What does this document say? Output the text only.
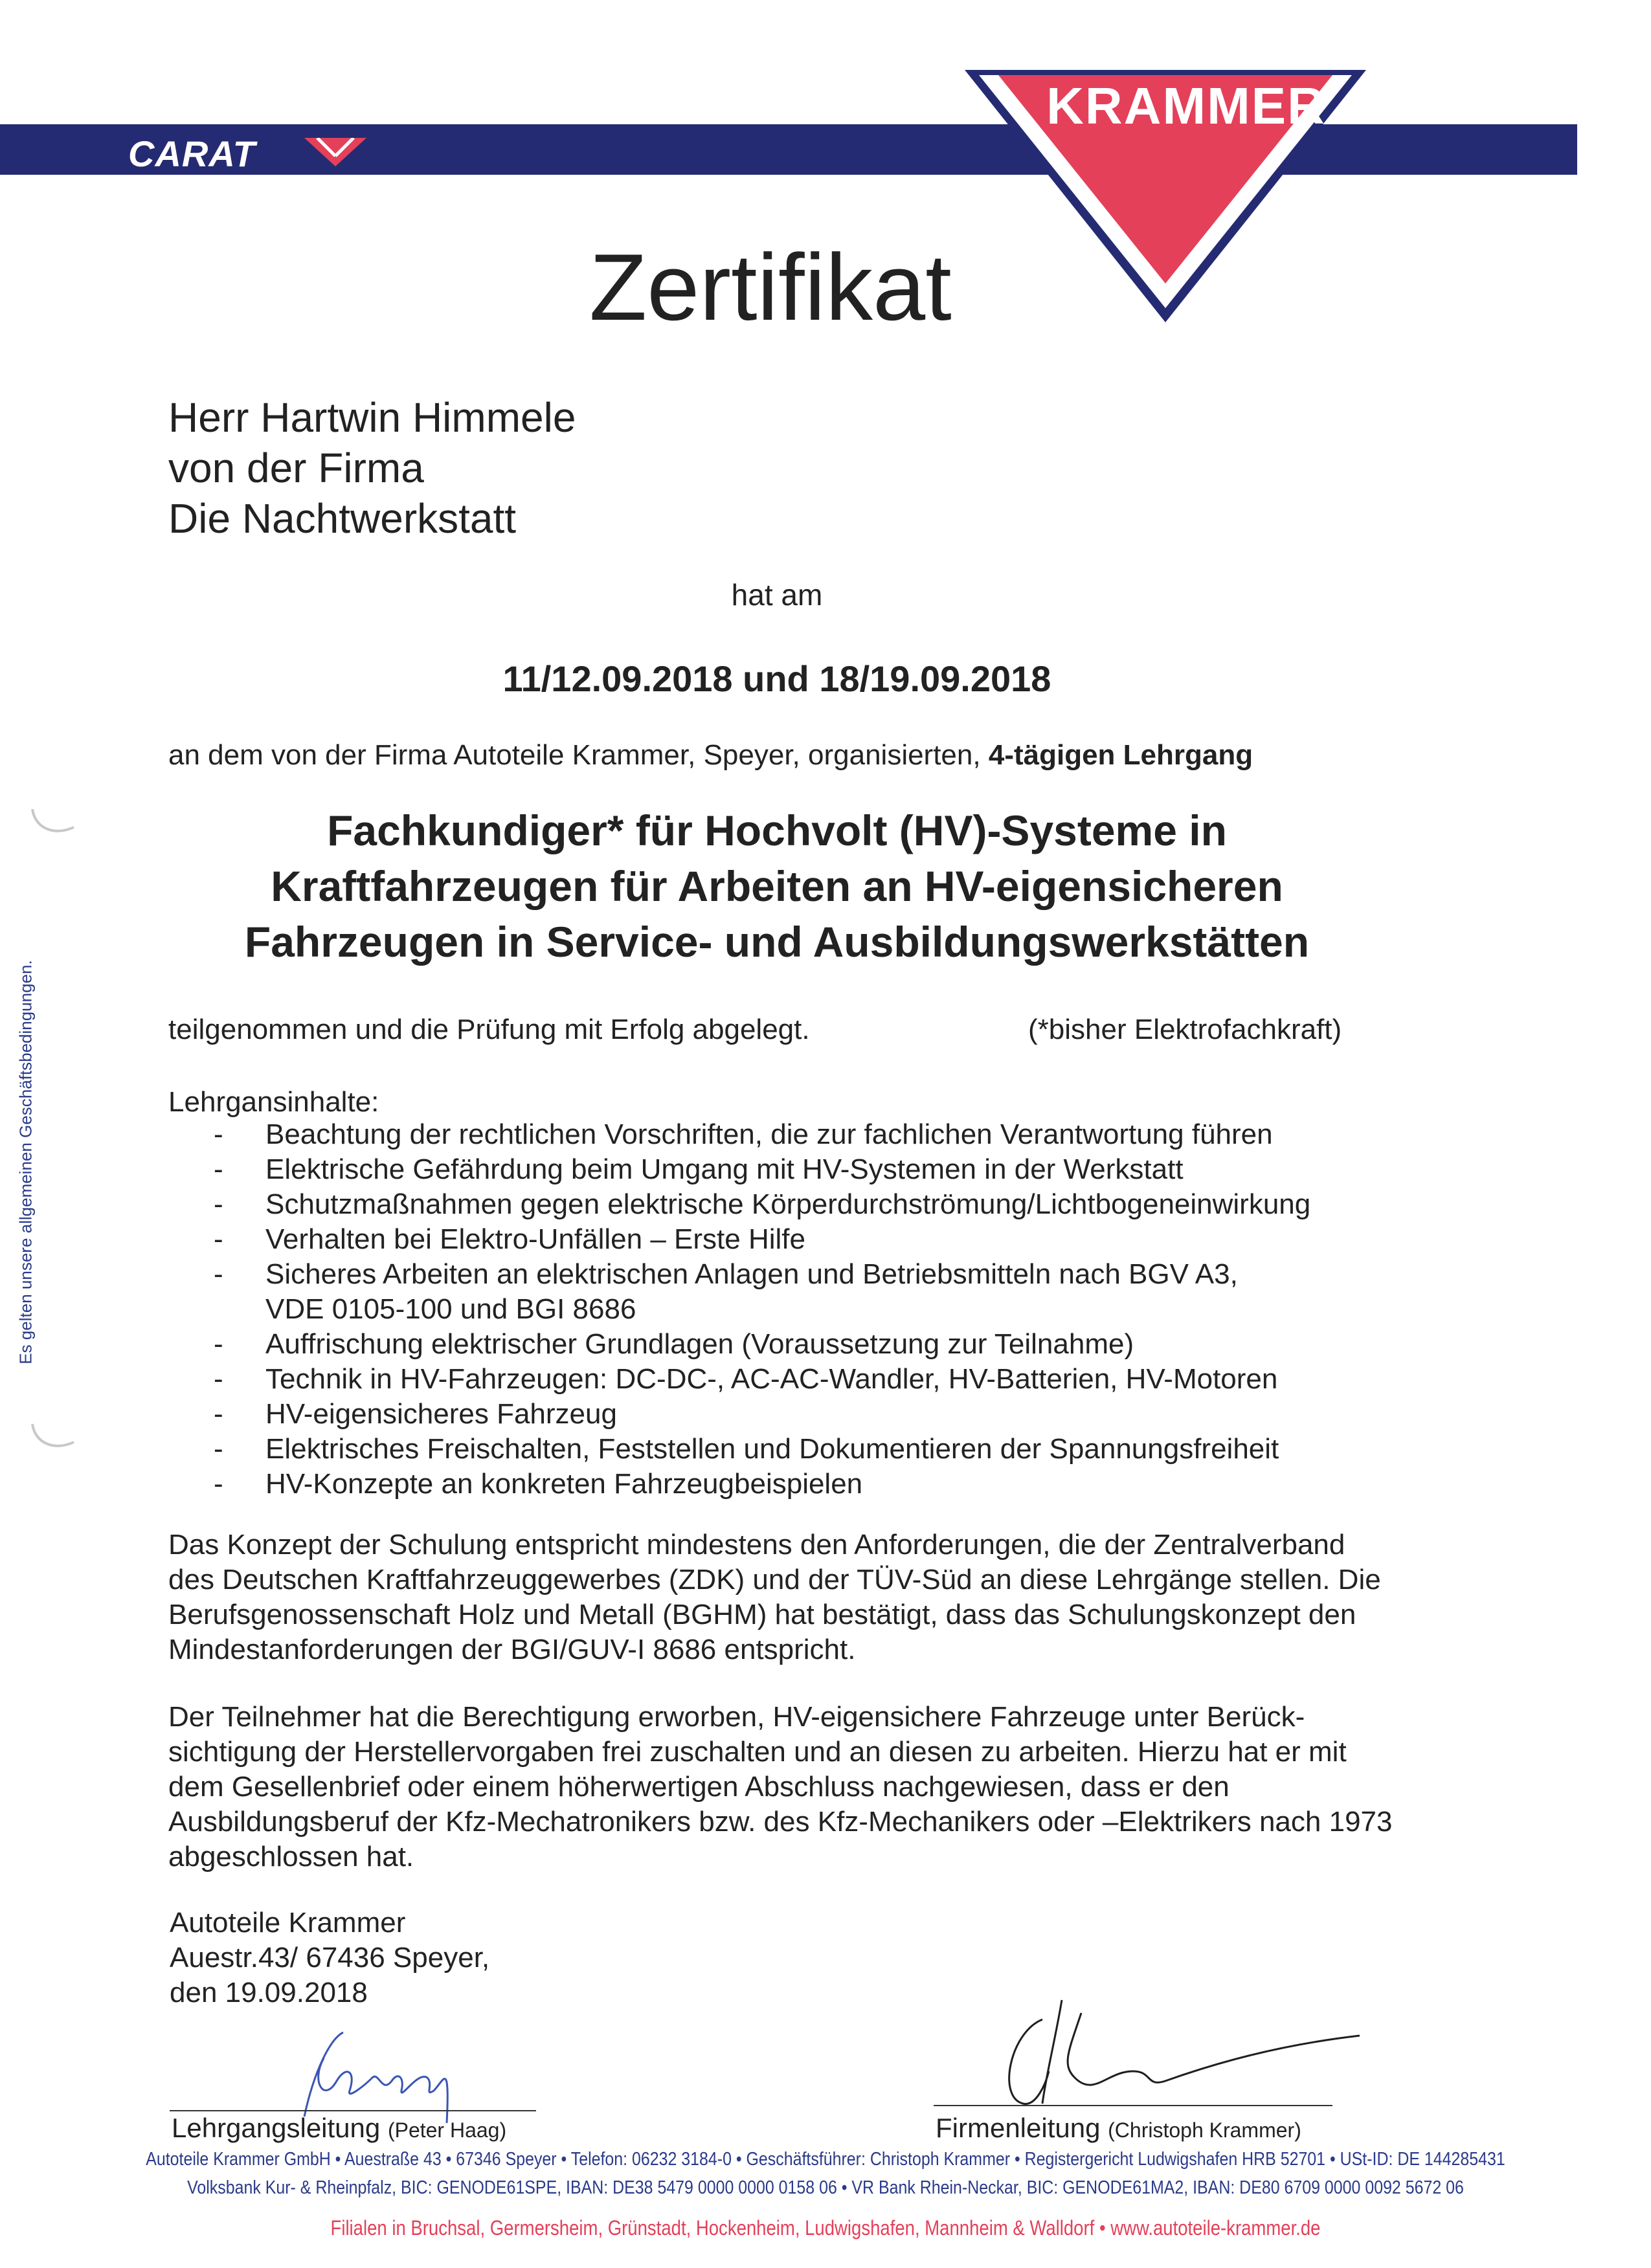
CARAT
KRAMMER
Zertifikat
Herr Hartwin Himmele
von der Firma
Die Nachtwerkstatt
hat am
11/12.09.2018 und 18/19.09.2018
an dem von der Firma Autoteile Krammer, Speyer, organisierten, 4-tägigen Lehrgang
Fachkundiger* für Hochvolt (HV)-Systeme in
Kraftfahrzeugen für Arbeiten an HV-eigensicheren
Fahrzeugen in Service- und Ausbildungswerkstätten
teilgenommen und die Prüfung mit Erfolg abgelegt.	(*bisher Elektrofachkraft)
Lehrgansinhalte:
- Beachtung der rechtlichen Vorschriften, die zur fachlichen Verantwortung führen
- Elektrische Gefährdung beim Umgang mit HV-Systemen in der Werkstatt
- Schutzmaßnahmen gegen elektrische Körperdurchströmung/Lichtbogeneinwirkung
- Verhalten bei Elektro-Unfällen – Erste Hilfe
- Sicheres Arbeiten an elektrischen Anlagen und Betriebsmitteln nach BGV A3, VDE 0105-100 und BGI 8686
- Auffrischung elektrischer Grundlagen (Voraussetzung zur Teilnahme)
- Technik in HV-Fahrzeugen: DC-DC-, AC-AC-Wandler, HV-Batterien, HV-Motoren
- HV-eigensicheres Fahrzeug
- Elektrisches Freischalten, Feststellen und Dokumentieren der Spannungsfreiheit
- HV-Konzepte an konkreten Fahrzeugbeispielen
Das Konzept der Schulung entspricht mindestens den Anforderungen, die der Zentralverband des Deutschen Kraftfahrzeuggewerbes (ZDK) und der TÜV-Süd an diese Lehrgänge stellen. Die Berufsgenossenschaft Holz und Metall (BGHM) hat bestätigt, dass das Schulungskonzept den Mindestanforderungen der BGI/GUV-I 8686 entspricht.
Der Teilnehmer hat die Berechtigung erworben, HV-eigensichere Fahrzeuge unter Berück-sichtigung der Herstellervorgaben frei zuschalten und an diesen zu arbeiten. Hierzu hat er mit dem Gesellenbrief oder einem höherwertigen Abschluss nachgewiesen, dass er den Ausbildungsberuf der Kfz-Mechatronikers bzw. des Kfz-Mechanikers oder –Elektrikers nach 1973 abgeschlossen hat.
Autoteile Krammer
Auestr.43/ 67436 Speyer,
den 19.09.2018
Lehrgangsleitung (Peter Haag)	Firmenleitung (Christoph Krammer)
Autoteile Krammer GmbH • Auestraße 43 • 67346 Speyer • Telefon: 06232 3184-0 • Geschäftsführer: Christoph Krammer • Registergericht Ludwigshafen HRB 52701 • USt-ID: DE 144285431
Volksbank Kur- & Rheinpfalz, BIC: GENODE61SPE, IBAN: DE38 5479 0000 0000 0158 06 • VR Bank Rhein-Neckar, BIC: GENODE61MA2, IBAN: DE80 6709 0000 0092 5672 06
Filialen in Bruchsal, Germersheim, Grünstadt, Hockenheim, Ludwigshafen, Mannheim & Walldorf • www.autoteile-krammer.de
Es gelten unsere allgemeinen Geschäftsbedingungen.
